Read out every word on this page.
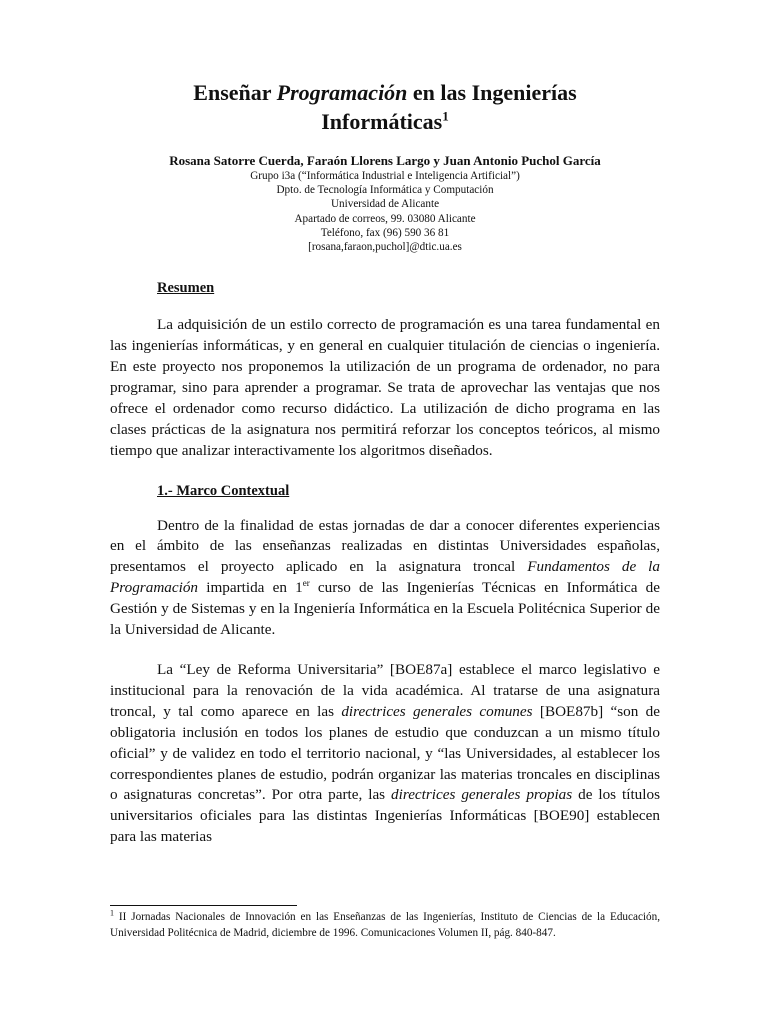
Enseñar Programación en las Ingenierías
Informáticas$^1$
Rosana Satorre Cuerda, Faraón Llorens Largo y Juan Antonio Puchol García
Grupo i3a (“Informática Industrial e Inteligencia Artificial”)
Dpto. de Tecnología Informática y Computación
Universidad de Alicante
Apartado de correos, 99. 03080 Alicante
Teléfono, fax (96) 590 36 81
[rosana,faraon,puchol]@dtic.ua.es
Resumen

La adquisición de un estilo correcto de programación es una tarea fundamental en las ingenierías informáticas, y en general en cualquier titulación de ciencias o ingeniería. En este proyecto nos proponemos la utilización de un programa de ordenador, no para programar, sino para aprender a programar. Se trata de aprovechar las ventajas que nos ofrece el ordenador como recurso didáctico. La utilización de dicho programa en las clases prácticas de la asignatura nos permitirá reforzar los conceptos teóricos, al mismo tiempo que analizar interactivamente los algoritmos diseñados.

1.- Marco Contextual

Dentro de la finalidad de estas jornadas de dar a conocer diferentes experiencias en el ámbito de las enseñanzas realizadas en distintas Universidades españolas, presentamos el proyecto aplicado en la asignatura troncal Fundamentos de la Programación impartida en 1er curso de las Ingenierías Técnicas en Informática de Gestión y de Sistemas y en la Ingeniería Informática en la Escuela Politécnica Superior de la Universidad de Alicante.

La “Ley de Reforma Universitaria” [BOE87a] establece el marco legislativo e institucional para la renovación de la vida académica. Al tratarse de una asignatura troncal, y tal como aparece en las directrices generales comunes [BOE87b] “son de obligatoria inclusión en todos los planes de estudio que conduzcan a un mismo título oficial” y de validez en todo el territorio nacional, y “las Universidades, al establecer los correspondientes planes de estudio, podrán organizar las materias troncales en disciplinas o asignaturas concretas”. Por otra parte, las directrices generales propias de los títulos universitarios oficiales para las distintas Ingenierías Informáticas [BOE90] establecen para las materias

$^1$ II Jornadas Nacionales de Innovación en las Enseñanzas de las Ingenierías, Instituto de Ciencias de la Educación, Universidad Politécnica de Madrid, diciembre de 1996. Comunicaciones Volumen II, pág. 840-847.
